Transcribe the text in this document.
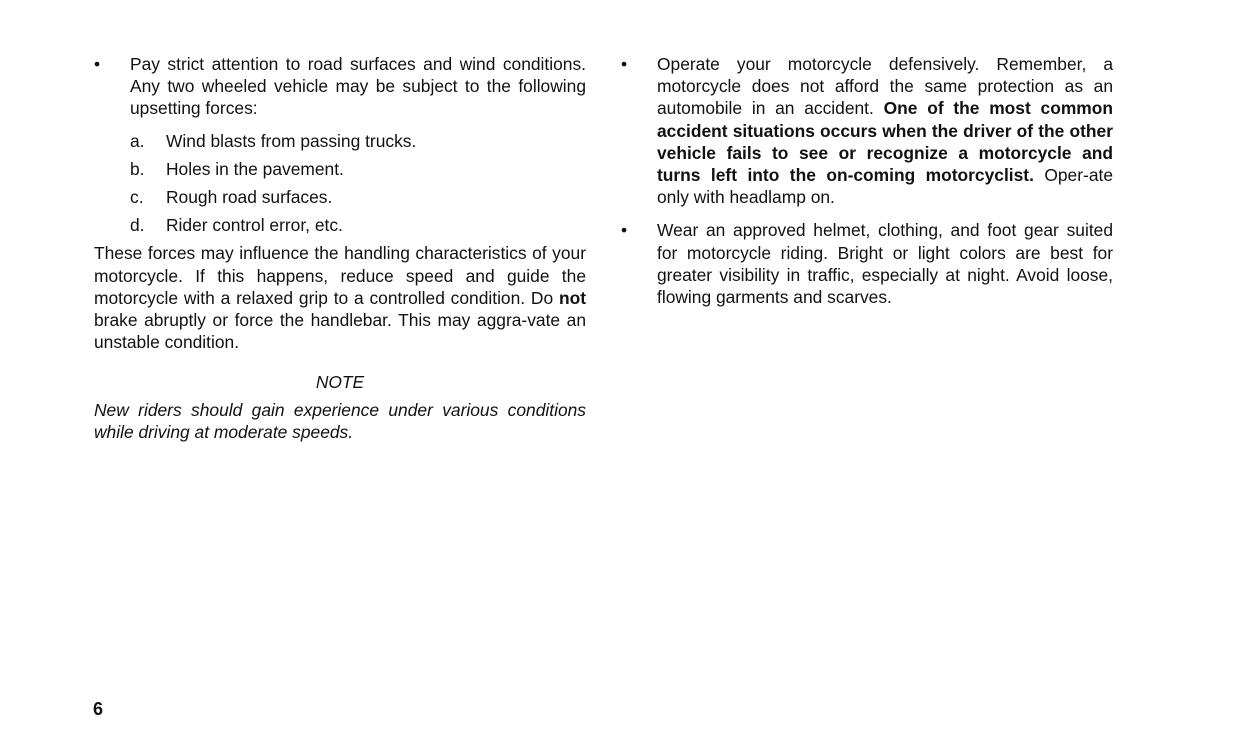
• Pay strict attention to road surfaces and wind conditions. Any two wheeled vehicle may be subject to the following upsetting forces:
a. Wind blasts from passing trucks.
b. Holes in the pavement.
c. Rough road surfaces.
d. Rider control error, etc.

These forces may influence the handling characteristics of your motorcycle. If this happens, reduce speed and guide the motorcycle with a relaxed grip to a controlled condition. Do not brake abruptly or force the handlebar. This may aggra-vate an unstable condition.

NOTE
New riders should gain experience under various conditions while driving at moderate speeds.
• Operate your motorcycle defensively. Remember, a motorcycle does not afford the same protection as an automobile in an accident. One of the most common accident situations occurs when the driver of the other vehicle fails to see or recognize a motorcycle and turns left into the on-coming motorcyclist. Oper-ate only with headlamp on.
• Wear an approved helmet, clothing, and foot gear suited for motorcycle riding. Bright or light colors are best for greater visibility in traffic, especially at night. Avoid loose, flowing garments and scarves.
6
